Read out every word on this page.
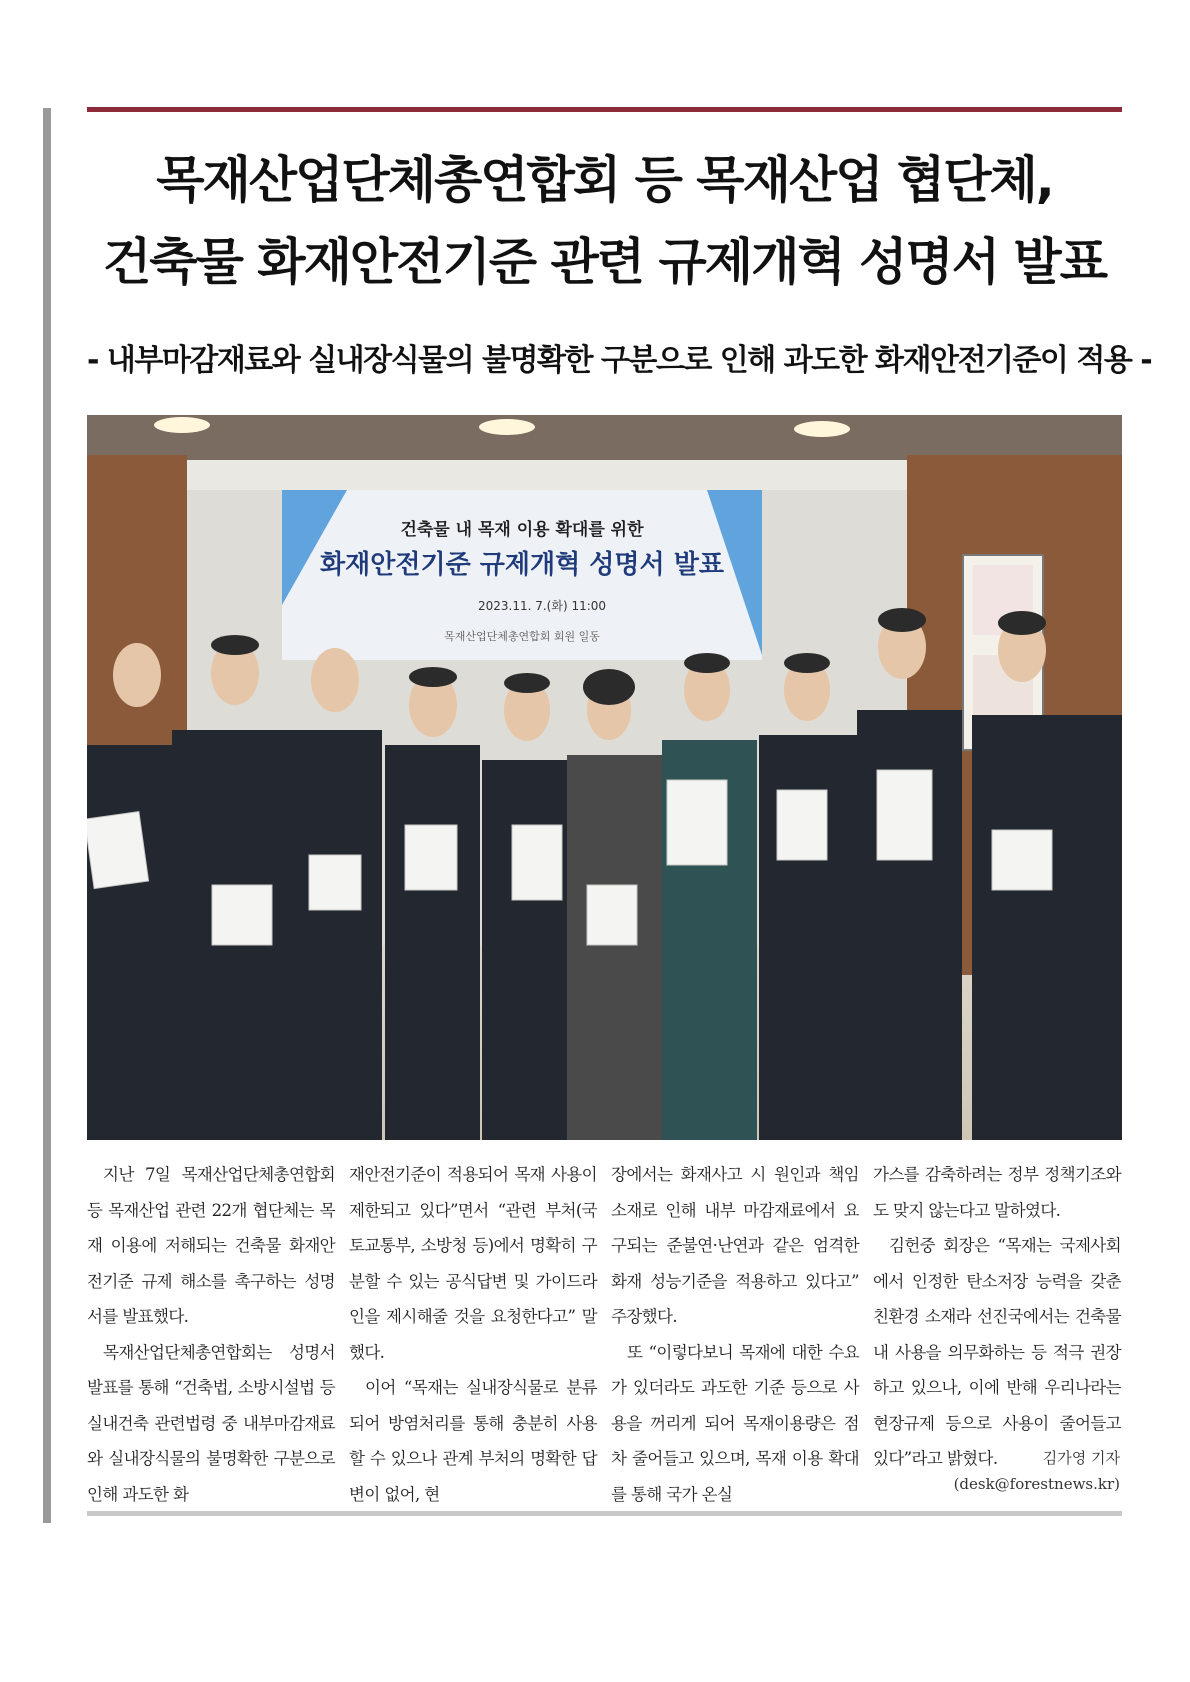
목재산업단체총연합회 등 목재산업 협단체,
건축물 화재안전기준 관련 규제개혁 성명서 발표
- 내부마감재료와 실내장식물의 불명확한 구분으로 인해 과도한 화재안전기준이 적용 -
건축물 내 목재 이용 확대를 위한
화재안전기준 규제개혁 성명서 발표
2023.11. 7.(화) 11:00
목재산업단체총연합회 회원 일동

지난 7일 목재산업단체총연합회 등 목재산업 관련 22개 협단체는 목재 이용에 저해되는 건축물 화재안전기준 규제 해소를 촉구하는 성명서를 발표했다.

목재산업단체총연합회는 성명서 발표를 통해 “건축법, 소방시설법 등 실내건축 관련법령 중 내부마감재료와 실내장식물의 불명확한 구분으로 인해 과도한 화

재안전기준이 적용되어 목재 사용이 제한되고 있다”면서 “관련 부처(국토교통부, 소방청 등)에서 명확히 구분할 수 있는 공식답변 및 가이드라인을 제시해줄 것을 요청한다고” 말했다.

이어 “목재는 실내장식물로 분류되어 방염처리를 통해 충분히 사용할 수 있으나 관계 부처의 명확한 답변이 없어, 현

장에서는 화재사고 시 원인과 책임소재로 인해 내부 마감재료에서 요구되는 준불연·난연과 같은 엄격한 화재 성능기준을 적용하고 있다고” 주장했다.

또 “이렇다보니 목재에 대한 수요가 있더라도 과도한 기준 등으로 사용을 꺼리게 되어 목재이용량은 점차 줄어들고 있으며, 목재 이용 확대를 통해 국가 온실

가스를 감축하려는 정부 정책기조와도 맞지 않는다고 말하였다.

김헌중 회장은 “목재는 국제사회에서 인정한 탄소저장 능력을 갖춘 친환경 소재라 선진국에서는 건축물 내 사용을 의무화하는 등 적극 권장하고 있으나, 이에 반해 우리나라는 현장규제 등으로 사용이 줄어들고 있다”라고 밝혔다.	김가영 기자
(desk@forestnews.kr)
